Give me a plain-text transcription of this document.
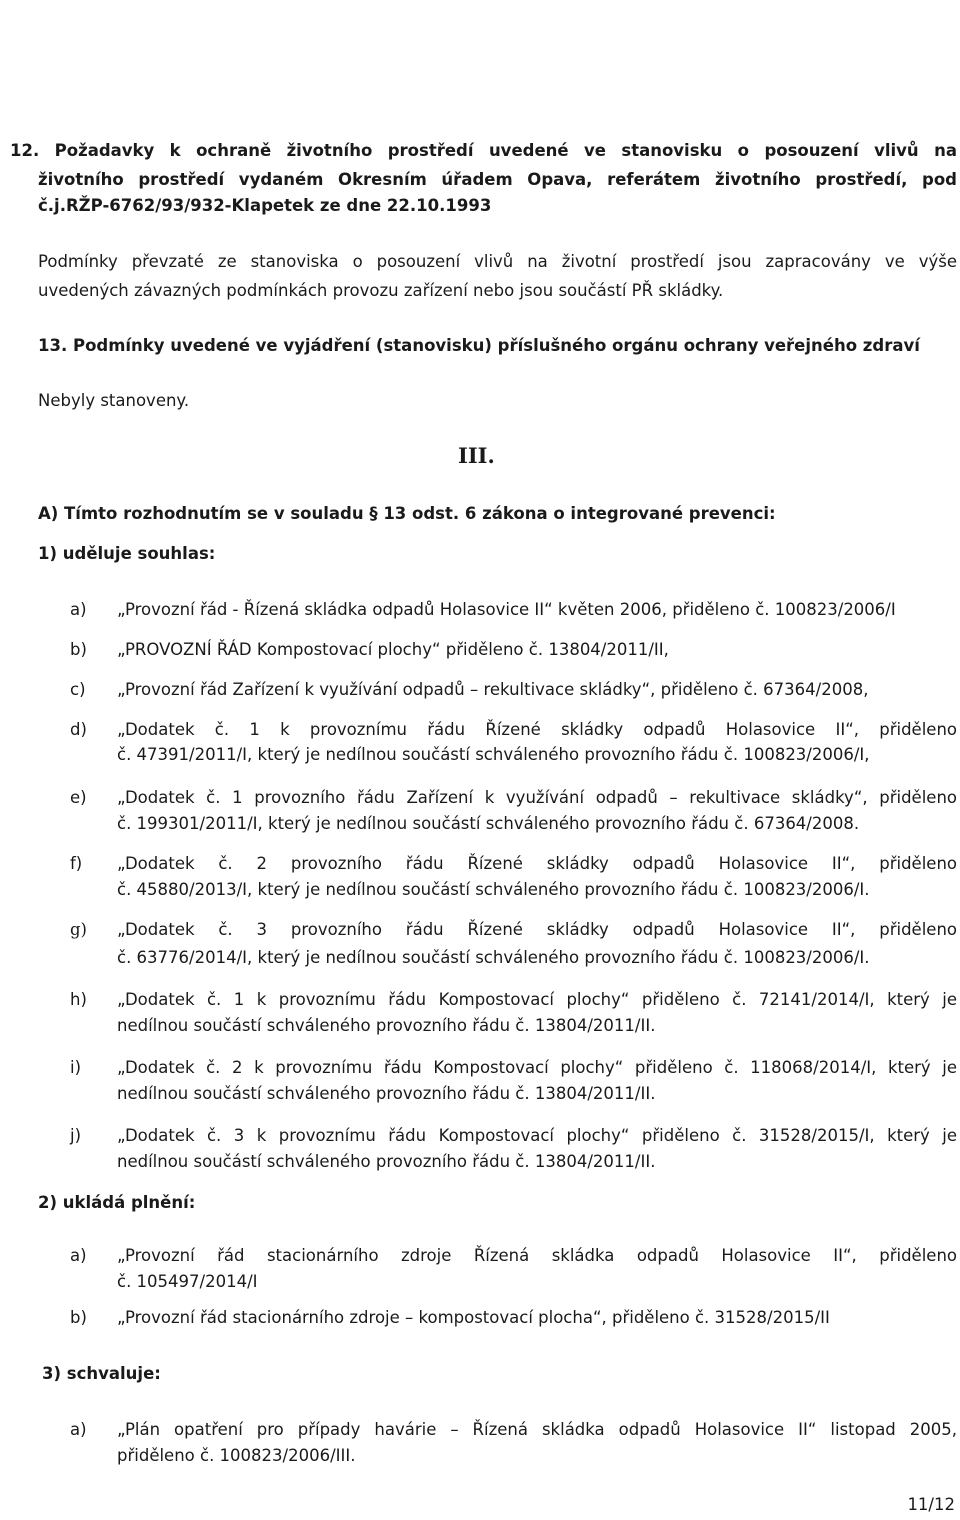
ELIO Slezsko a.s. – Řízená skládka odpadů Holasovice II
Integrované povolení čj. ŽPZ/4581/03/Kl ze dne 19. 11. 2003, ve znění pozdějších změn
12. Požadavky k ochraně životního prostředí uvedené ve stanovisku o posouzení vlivů na
životního prostředí vydaném Okresním úřadem Opava, referátem životního prostředí, pod
č.j.RŽP-6762/93/932-Klapetek ze dne 22.10.1993
Podmínky převzaté ze stanoviska o posouzení vlivů na životní prostředí jsou zapracovány ve výše
uvedených závazných podmínkách provozu zařízení nebo jsou součástí PŘ skládky.
13. Podmínky uvedené ve vyjádření (stanovisku) příslušného orgánu ochrany veřejného zdraví
Nebyly stanoveny.
III.
A) Tímto rozhodnutím se v souladu § 13 odst. 6 zákona o integrované prevenci:
1) uděluje souhlas:
a) „Provozní řád - Řízená skládka odpadů Holasovice II“ květen 2006, přiděleno č. 100823/2006/I
b) „PROVOZNÍ ŘÁD Kompostovací plochy“ přiděleno č. 13804/2011/II,
c) „Provozní řád Zařízení k využívání odpadů – rekultivace skládky“, přiděleno č. 67364/2008,
d) „Dodatek č. 1 k provoznímu řádu Řízené skládky odpadů Holasovice II“, přiděleno
č. 47391/2011/I, který je nedílnou součástí schváleného provozního řádu č. 100823/2006/I,
e) „Dodatek č. 1 provozního řádu Zařízení k využívání odpadů – rekultivace skládky“, přiděleno
č. 199301/2011/I, který je nedílnou součástí schváleného provozního řádu č. 67364/2008.
f) „Dodatek č. 2 provozního řádu Řízené skládky odpadů Holasovice II“, přiděleno
č. 45880/2013/I, který je nedílnou součástí schváleného provozního řádu č. 100823/2006/I.
g) „Dodatek č. 3 provozního řádu Řízené skládky odpadů Holasovice II“, přiděleno
č. 63776/2014/I, který je nedílnou součástí schváleného provozního řádu č. 100823/2006/I.
h) „Dodatek č. 1 k provoznímu řádu Kompostovací plochy“ přiděleno č. 72141/2014/I, který je
nedílnou součástí schváleného provozního řádu č. 13804/2011/II.
i) „Dodatek č. 2 k provoznímu řádu Kompostovací plochy“ přiděleno č. 118068/2014/I, který je
nedílnou součástí schváleného provozního řádu č. 13804/2011/II.
j) „Dodatek č. 3 k provoznímu řádu Kompostovací plochy“ přiděleno č. 31528/2015/I, který je
nedílnou součástí schváleného provozního řádu č. 13804/2011/II.
2) ukládá plnění:
a) „Provozní řád stacionárního zdroje Řízená skládka odpadů Holasovice II“, přiděleno
č. 105497/2014/I
b) „Provozní řád stacionárního zdroje – kompostovací plocha“, přiděleno č. 31528/2015/II
3) schvaluje:
a) „Plán opatření pro případy havárie – Řízená skládka odpadů Holasovice II“ listopad 2005,
přiděleno č. 100823/2006/III.
11/12
